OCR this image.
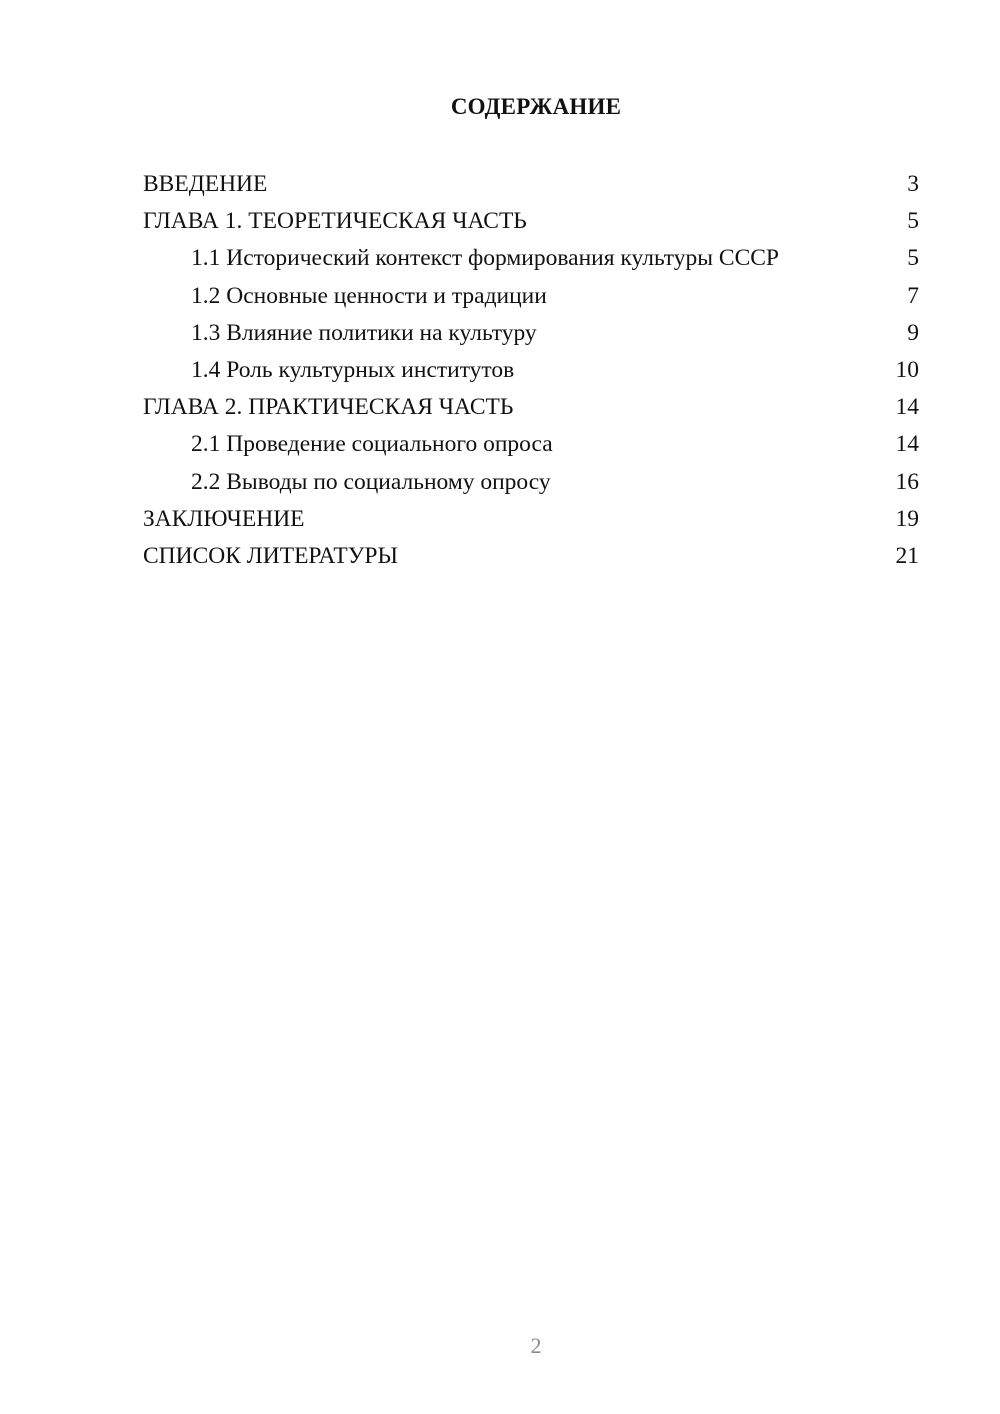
СОДЕРЖАНИЕ
ВВЕДЕНИЕ	3
ГЛАВА 1. ТЕОРЕТИЧЕСКАЯ ЧАСТЬ	5
1.1 Исторический контекст формирования культуры СССР	5
1.2 Основные ценности и традиции	7
1.3 Влияние политики на культуру	9
1.4 Роль культурных институтов	10
ГЛАВА 2. ПРАКТИЧЕСКАЯ ЧАСТЬ	14
2.1 Проведение социального опроса	14
2.2 Выводы по социальному опросу	16
ЗАКЛЮЧЕНИЕ	19
СПИСОК ЛИТЕРАТУРЫ	21
2
